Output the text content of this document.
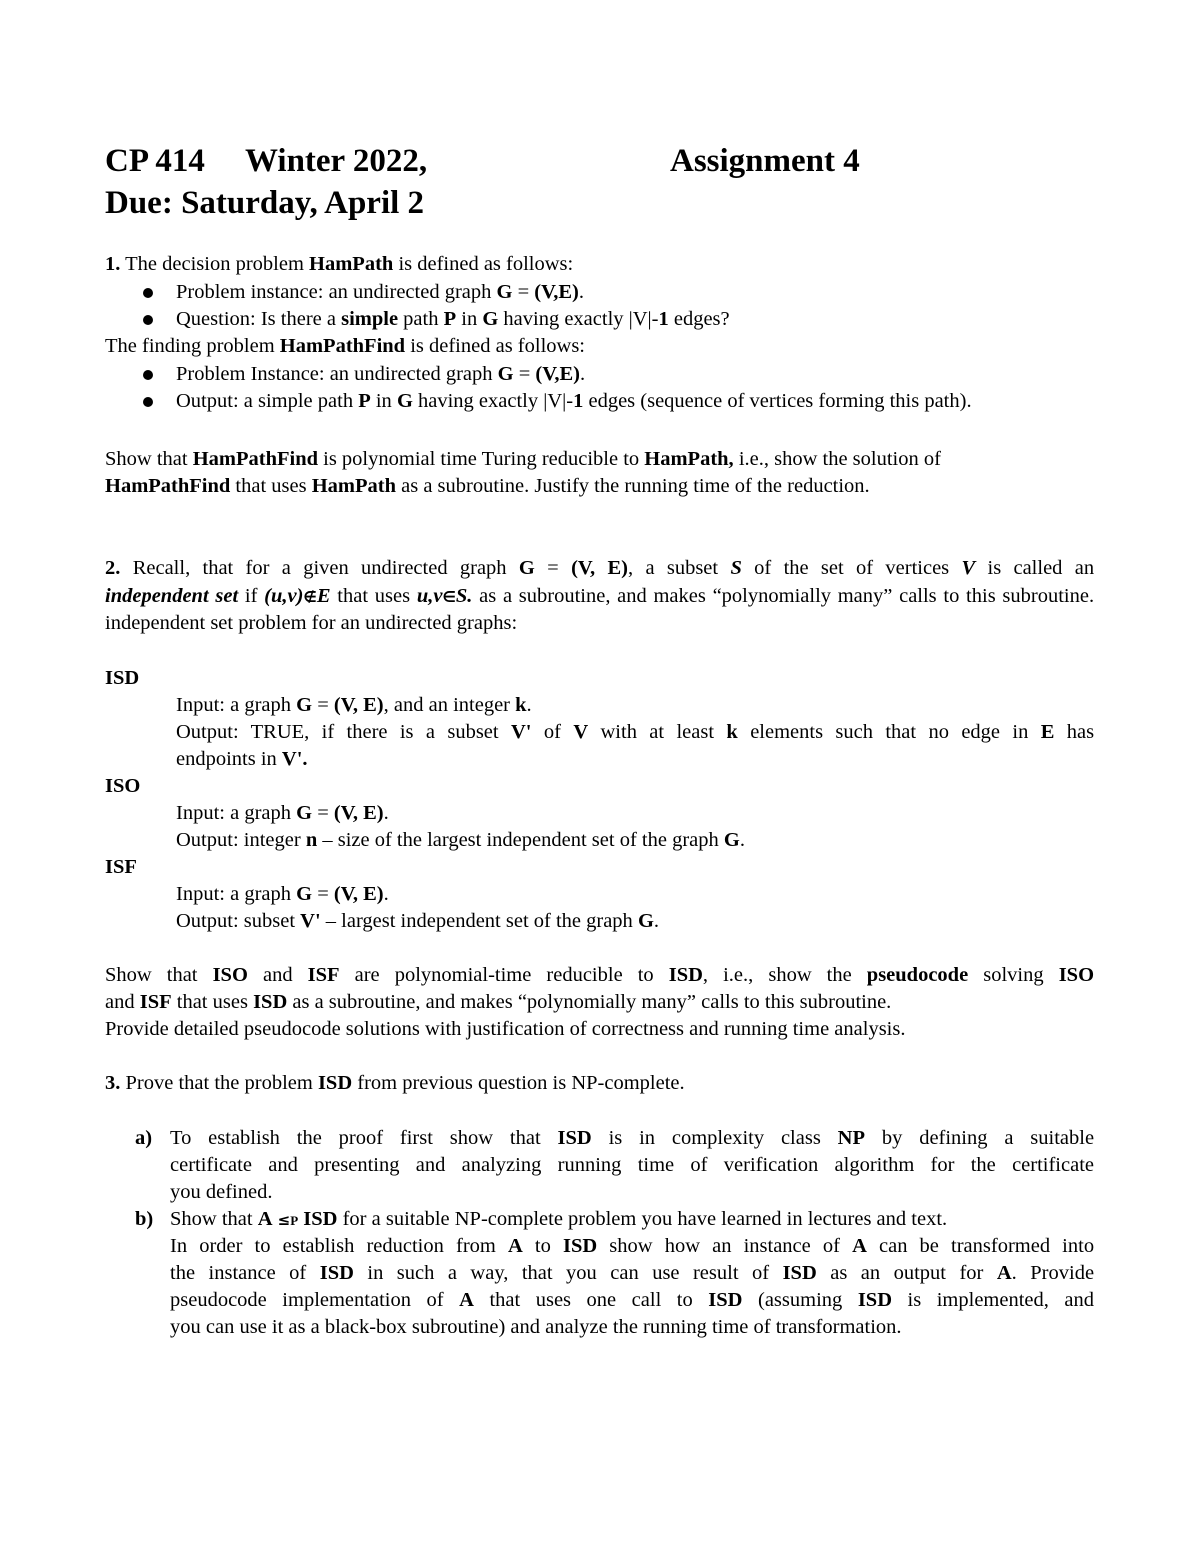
CP 414 Winter 2022,	Assignment 4
Due: Saturday, April 2
1. The decision problem HamPath is defined as follows:
Problem instance: an undirected graph G = (V,E).
Question: Is there a simple path P in G having exactly |V|-1 edges?
The finding problem HamPathFind is defined as follows:
Problem Instance: an undirected graph G = (V,E).
Output: a simple path P in G having exactly |V|-1 edges (sequence of vertices forming this path).
Show that HamPathFind is polynomial time Turing reducible to HamPath, i.e., show the solution of
HamPathFind that uses HamPath as a subroutine. Justify the running time of the reduction.
2. Recall, that for a given undirected graph G = (V, E), a subset S of the set of vertices V is called an
independent set if (u,v)∉E that uses u,v∈S. as a subroutine, and makes “polynomially many” calls to this subroutine.
independent set problem for an undirected graphs:
ISD
Input: a graph G = (V, E), and an integer k.
Output: TRUE, if there is a subset V' of V with at least k elements such that no edge in E has
endpoints in V'.
ISO
Input: a graph G = (V, E).
Output: integer n – size of the largest independent set of the graph G.
ISF
Input: a graph G = (V, E).
Output: subset V' – largest independent set of the graph G.
Show that ISO and ISF are polynomial-time reducible to ISD, i.e., show the pseudocode solving ISO
and ISF that uses ISD as a subroutine, and makes “polynomially many” calls to this subroutine.
Provide detailed pseudocode solutions with justification of correctness and running time analysis.
3. Prove that the problem ISD from previous question is NP-complete.
a) To establish the proof first show that ISD is in complexity class NP by defining a suitable
certificate and presenting and analyzing running time of verification algorithm for the certificate
you defined.
b) Show that A ≤P ISD for a suitable NP-complete problem you have learned in lectures and text.
In order to establish reduction from A to ISD show how an instance of A can be transformed into
the instance of ISD in such a way, that you can use result of ISD as an output for A. Provide
pseudocode implementation of A that uses one call to ISD (assuming ISD is implemented, and
you can use it as a black-box subroutine) and analyze the running time of transformation.
